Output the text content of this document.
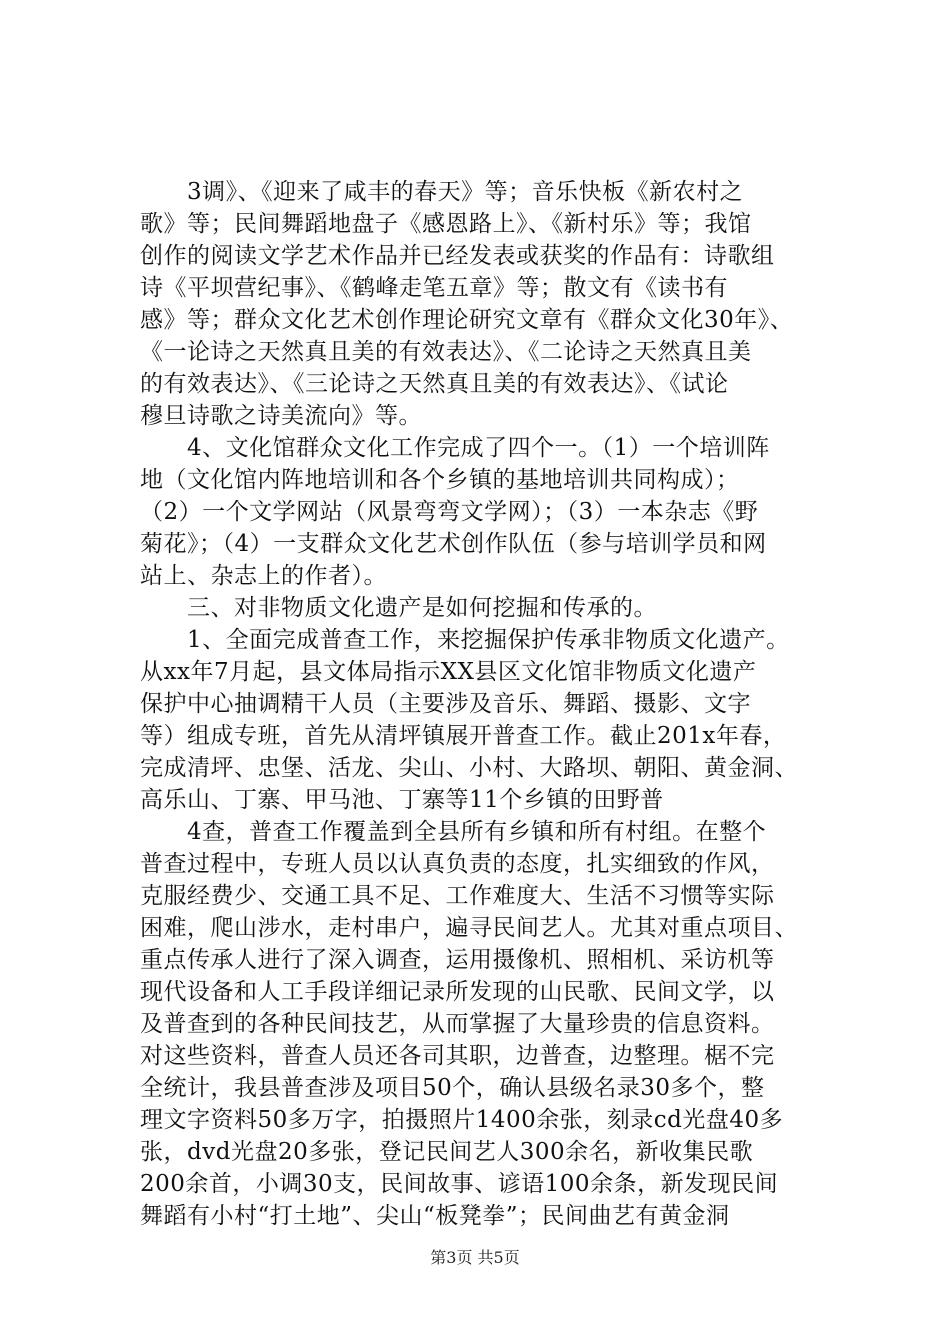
　　3调》、《迎来了咸丰的春天》等；音乐快板《新农村之
歌》等；民间舞蹈地盘子《感恩路上》、《新村乐》等；我馆
创作的阅读文学艺术作品并已经发表或获奖的作品有：诗歌组
诗《平坝营纪事》、《鹤峰走笔五章》等；散文有《读书有
感》等；群众文化艺术创作理论研究文章有《群众文化30年》、
《一论诗之天然真且美的有效表达》、《二论诗之天然真且美
的有效表达》、《三论诗之天然真且美的有效表达》、《试论
穆旦诗歌之诗美流向》等。
　　4、文化馆群众文化工作完成了四个一。（1）一个培训阵
地（文化馆内阵地培训和各个乡镇的基地培训共同构成）；
（2）一个文学网站（风景弯弯文学网）；（3）一本杂志《野
菊花》；（4）一支群众文化艺术创作队伍（参与培训学员和网
站上、杂志上的作者）。
　　三、对非物质文化遗产是如何挖掘和传承的。
　　1、全面完成普查工作，来挖掘保护传承非物质文化遗产。
从xx年7月起，县文体局指示XX县区文化馆非物质文化遗产
保护中心抽调精干人员（主要涉及音乐、舞蹈、摄影、文字
等）组成专班，首先从清坪镇展开普查工作。截止201x年春，
完成清坪、忠堡、活龙、尖山、小村、大路坝、朝阳、黄金洞、
高乐山、丁寨、甲马池、丁寨等11个乡镇的田野普
　　4查，普查工作覆盖到全县所有乡镇和所有村组。在整个
普查过程中，专班人员以认真负责的态度，扎实细致的作风，
克服经费少、交通工具不足、工作难度大、生活不习惯等实际
困难，爬山涉水，走村串户，遍寻民间艺人。尤其对重点项目、
重点传承人进行了深入调查，运用摄像机、照相机、采访机等
现代设备和人工手段详细记录所发现的山民歌、民间文学，以
及普查到的各种民间技艺，从而掌握了大量珍贵的信息资料。
对这些资料，普查人员还各司其职，边普查，边整理。椐不完
全统计，我县普查涉及项目50个，确认县级名录30多个，整
理文字资料50多万字，拍摄照片1400余张，刻录cd光盘40多
张，dvd光盘20多张，登记民间艺人300余名，新收集民歌
200余首，小调30支，民间故事、谚语100余条，新发现民间
舞蹈有小村“打土地”、尖山“板凳拳”；民间曲艺有黄金洞
第3页 共5页
